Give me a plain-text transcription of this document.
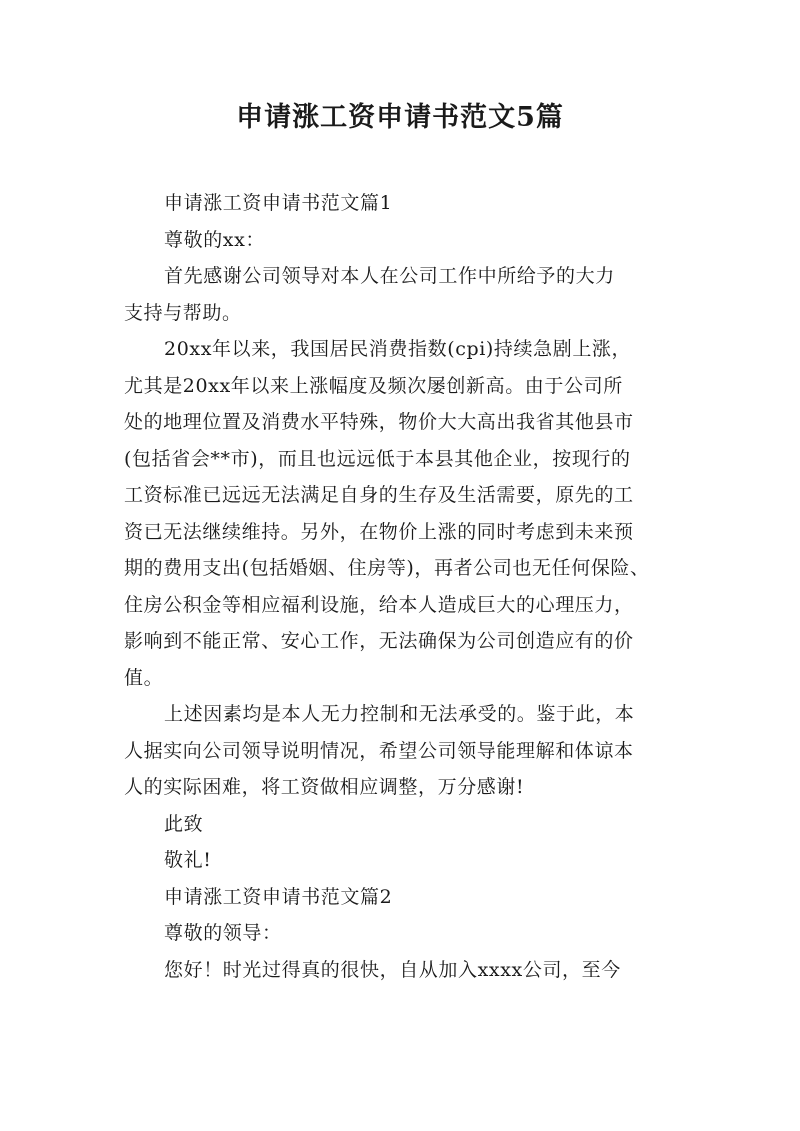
申请涨工资申请书范文5篇
申请涨工资申请书范文篇1
尊敬的xx：
首先感谢公司领导对本人在公司工作中所给予的大力
支持与帮助。
20xx年以来，我国居民消费指数(cpi)持续急剧上涨，
尤其是20xx年以来上涨幅度及频次屡创新高。由于公司所
处的地理位置及消费水平特殊，物价大大高出我省其他县市
(包括省会**市)，而且也远远低于本县其他企业，按现行的
工资标准已远远无法满足自身的生存及生活需要，原先的工
资已无法继续维持。另外，在物价上涨的同时考虑到未来预
期的费用支出(包括婚姻、住房等)，再者公司也无任何保险、
住房公积金等相应福利设施，给本人造成巨大的心理压力，
影响到不能正常、安心工作，无法确保为公司创造应有的价
值。
上述因素均是本人无力控制和无法承受的。鉴于此，本
人据实向公司领导说明情况，希望公司领导能理解和体谅本
人的实际困难，将工资做相应调整，万分感谢!
此致
敬礼!
申请涨工资申请书范文篇2
尊敬的领导：
您好！时光过得真的很快，自从加入xxxx公司，至今
